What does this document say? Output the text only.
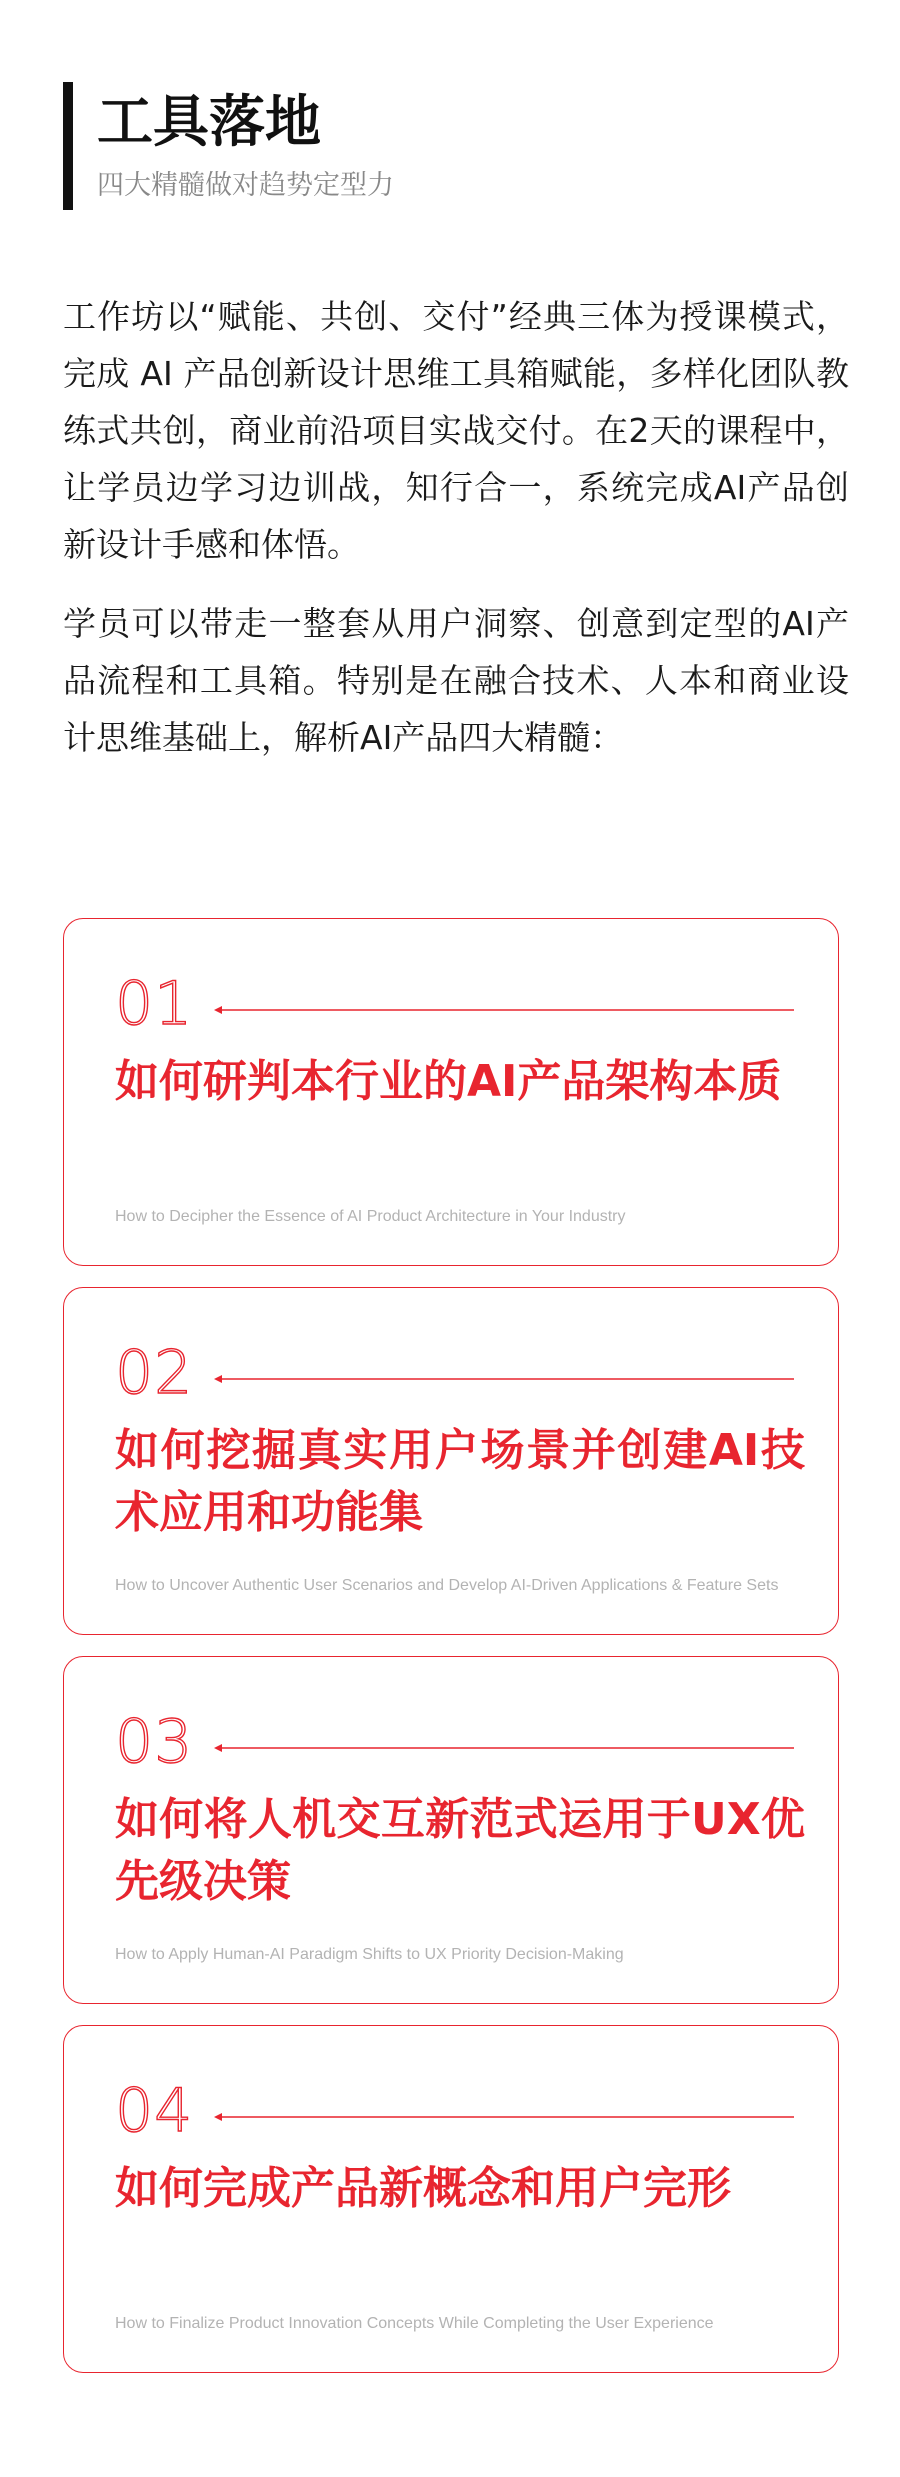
工具落地
四大精髓做对趋势定型力

工作坊以“赋能、共创、交付”经典三体为授课模式，完成 AI 产品创新设计思维工具箱赋能，多样化团队教练式共创，商业前沿项目实战交付。在2天的课程中，让学员边学习边训战，知行合一，系统完成AI产品创新设计手感和体悟。

学员可以带走一整套从用户洞察、创意到定型的AI产品流程和工具箱。特别是在融合技术、人本和商业设计思维基础上，解析AI产品四大精髓：

01
如何研判本行业的AI产品架构本质
How to Decipher the Essence of AI Product Architecture in Your Industry
02
如何挖掘真实用户场景并创建AI技术应用和功能集
How to Uncover Authentic User Scenarios and Develop AI-Driven Applications & Feature Sets
03
如何将人机交互新范式运用于UX优先级决策
How to Apply Human-AI Paradigm Shifts to UX Priority Decision-Making
04
如何完成产品新概念和用户完形
How to Finalize Product Innovation Concepts While Completing the User Experience
